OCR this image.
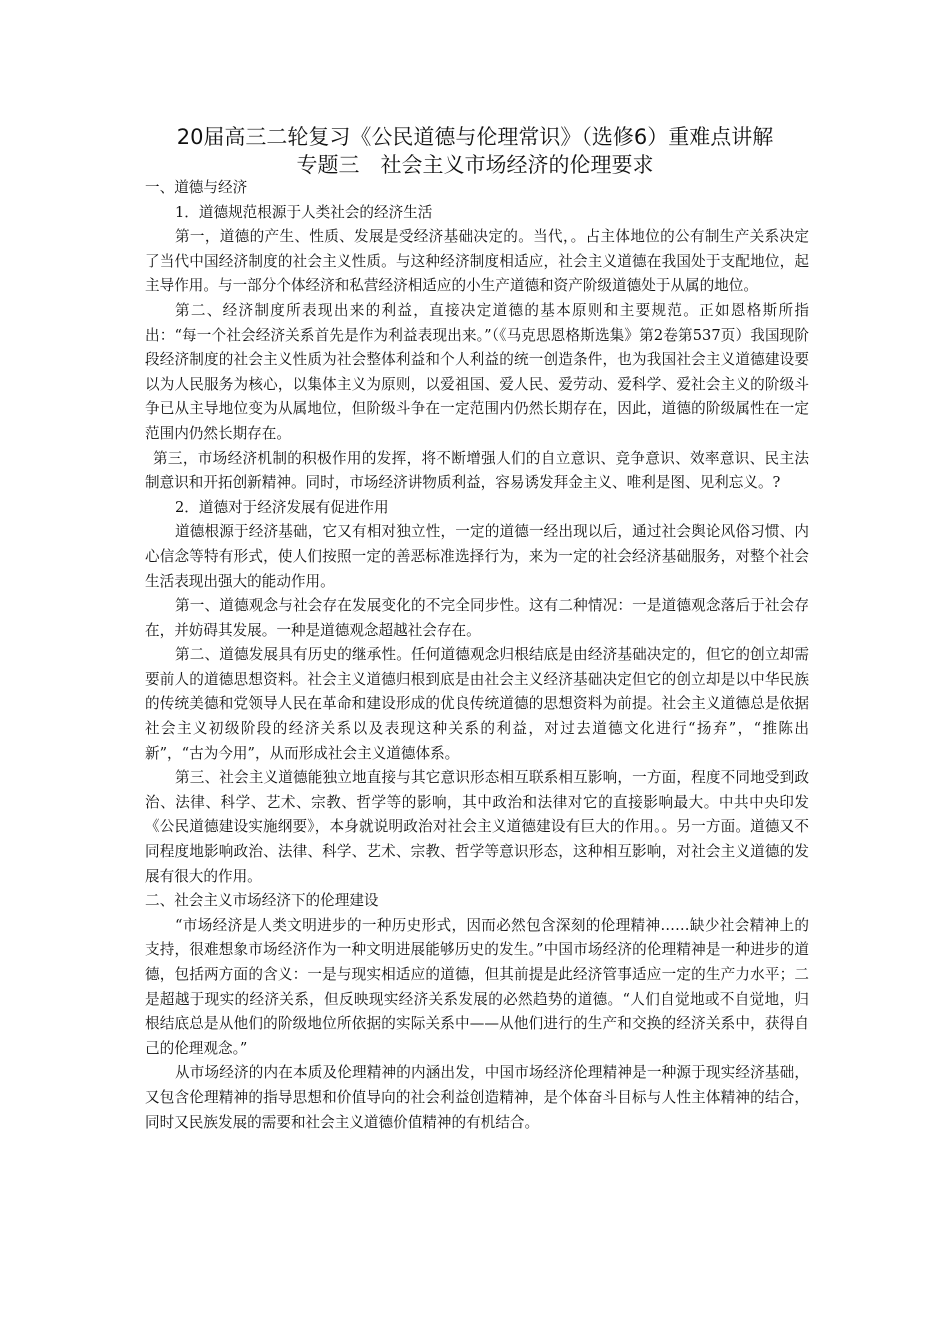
20届高三二轮复习《公民道德与伦理常识》（选修6）重难点讲解
专题三　社会主义市场经济的伦理要求

一、道德与经济

1．道德规范根源于人类社会的经济生活

第一，道德的产生、性质、发展是受经济基础决定的。当代，。占主体地位的公有制生产关系决定了当代中国经济制度的社会主义性质。与这种经济制度相适应，社会主义道德在我国处于支配地位，起主导作用。与一部分个体经济和私营经济相适应的小生产道德和资产阶级道德处于从属的地位。

第二、经济制度所表现出来的利益，直接决定道德的基本原则和主要规范。正如恩格斯所指出：“每一个社会经济关系首先是作为利益表现出来。”（《马克思恩格斯选集》第2卷第537页）我国现阶段经济制度的社会主义性质为社会整体利益和个人利益的统一创造条件，也为我国社会主义道德建设要以为人民服务为核心，以集体主义为原则，以爱祖国、爱人民、爱劳动、爱科学、爱社会主义的阶级斗争已从主导地位变为从属地位，但阶级斗争在一定范围内仍然长期存在，因此，道德的阶级属性在一定范围内仍然长期存在。

第三，市场经济机制的积极作用的发挥，将不断增强人们的自立意识、竞争意识、效率意识、民主法制意识和开拓创新精神。同时，市场经济讲物质利益，容易诱发拜金主义、唯利是图、见利忘义。?

2．道德对于经济发展有促进作用

道德根源于经济基础，它又有相对独立性，一定的道德一经出现以后，通过社会舆论风俗习惯、内心信念等特有形式，使人们按照一定的善恶标准选择行为，来为一定的社会经济基础服务，对整个社会生活表现出强大的能动作用。

第一、道德观念与社会存在发展变化的不完全同步性。这有二种情况：一是道德观念落后于社会存在，并妨碍其发展。一种是道德观念超越社会存在。

第二、道德发展具有历史的继承性。任何道德观念归根结底是由经济基础决定的，但它的创立却需要前人的道德思想资料。社会主义道德归根到底是由社会主义经济基础决定但它的创立却是以中华民族的传统美德和党领导人民在革命和建设形成的优良传统道德的思想资料为前提。社会主义道德总是依据社会主义初级阶段的经济关系以及表现这种关系的利益，对过去道德文化进行“扬弃”，“推陈出新”，“古为今用”，从而形成社会主义道德体系。

第三、社会主义道德能独立地直接与其它意识形态相互联系相互影响，一方面，程度不同地受到政治、法律、科学、艺术、宗教、哲学等的影响，其中政治和法律对它的直接影响最大。中共中央印发《公民道德建设实施纲要》，本身就说明政治对社会主义道德建设有巨大的作用。。另一方面。道德又不同程度地影响政治、法律、科学、艺术、宗教、哲学等意识形态，这种相互影响，对社会主义道德的发展有很大的作用。

二、社会主义市场经济下的伦理建设

“市场经济是人类文明进步的一种历史形式，因而必然包含深刻的伦理精神……缺少社会精神上的支持，很难想象市场经济作为一种文明进展能够历史的发生。”中国市场经济的伦理精神是一种进步的道德，包括两方面的含义：一是与现实相适应的道德，但其前提是此经济管事适应一定的生产力水平；二是超越于现实的经济关系，但反映现实经济关系发展的必然趋势的道德。“人们自觉地或不自觉地，归根结底总是从他们的阶级地位所依据的实际关系中——从他们进行的生产和交换的经济关系中，获得自己的伦理观念。”

从市场经济的内在本质及伦理精神的内涵出发，中国市场经济伦理精神是一种源于现实经济基础，又包含伦理精神的指导思想和价值导向的社会利益创造精神，是个体奋斗目标与人性主体精神的结合，同时又民族发展的需要和社会主义道德价值精神的有机结合。
